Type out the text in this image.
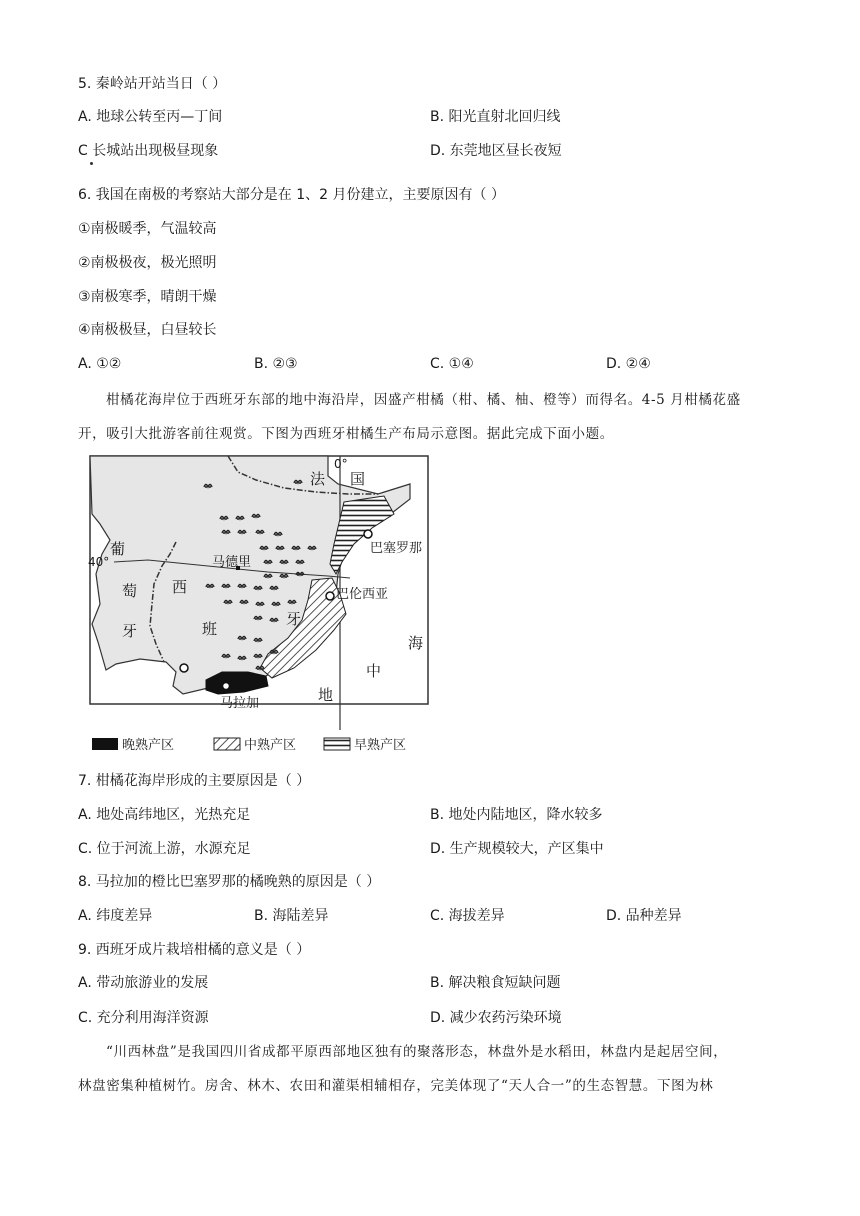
5. 秦岭站开站当日（ ）
A. 地球公转至丙—丁间	B. 阳光直射北回归线
C 长城站出现极昼现象	D. 东莞地区昼长夜短
6. 我国在南极的考察站大部分是在 1、2 月份建立，主要原因有（ ）
①南极暖季，气温较高
②南极极夜，极光照明
③南极寒季，晴朗干燥
④南极极昼，白昼较长
A. ①②	B. ②③	C. ①④	D. ②④
柑橘花海岸位于西班牙东部的地中海沿岸，因盛产柑橘（柑、橘、柚、橙等）而得名。4-5 月柑橘花盛
开，吸引大批游客前往观赏。下图为西班牙柑橘生产布局示意图。据此完成下面小题。
0°
法 国
40°
葡
萄
牙
西
班
牙
马德里
巴塞罗那
巴伦西亚
马拉加
海
中
地
晚熟产区	中熟产区	早熟产区
7. 柑橘花海岸形成的主要原因是（ ）
A. 地处高纬地区，光热充足	B. 地处内陆地区，降水较多
C. 位于河流上游，水源充足	D. 生产规模较大，产区集中
8. 马拉加的橙比巴塞罗那的橘晚熟的原因是（ ）
A. 纬度差异	B. 海陆差异	C. 海拔差异	D. 品种差异
9. 西班牙成片栽培柑橘的意义是（ ）
A. 带动旅游业的发展	B. 解决粮食短缺问题
C. 充分利用海洋资源	D. 减少农药污染环境
“川西林盘”是我国四川省成都平原西部地区独有的聚落形态，林盘外是水稻田，林盘内是起居空间，
林盘密集种植树竹。房舍、林木、农田和灌渠相辅相存，完美体现了“天人合一”的生态智慧。下图为林
